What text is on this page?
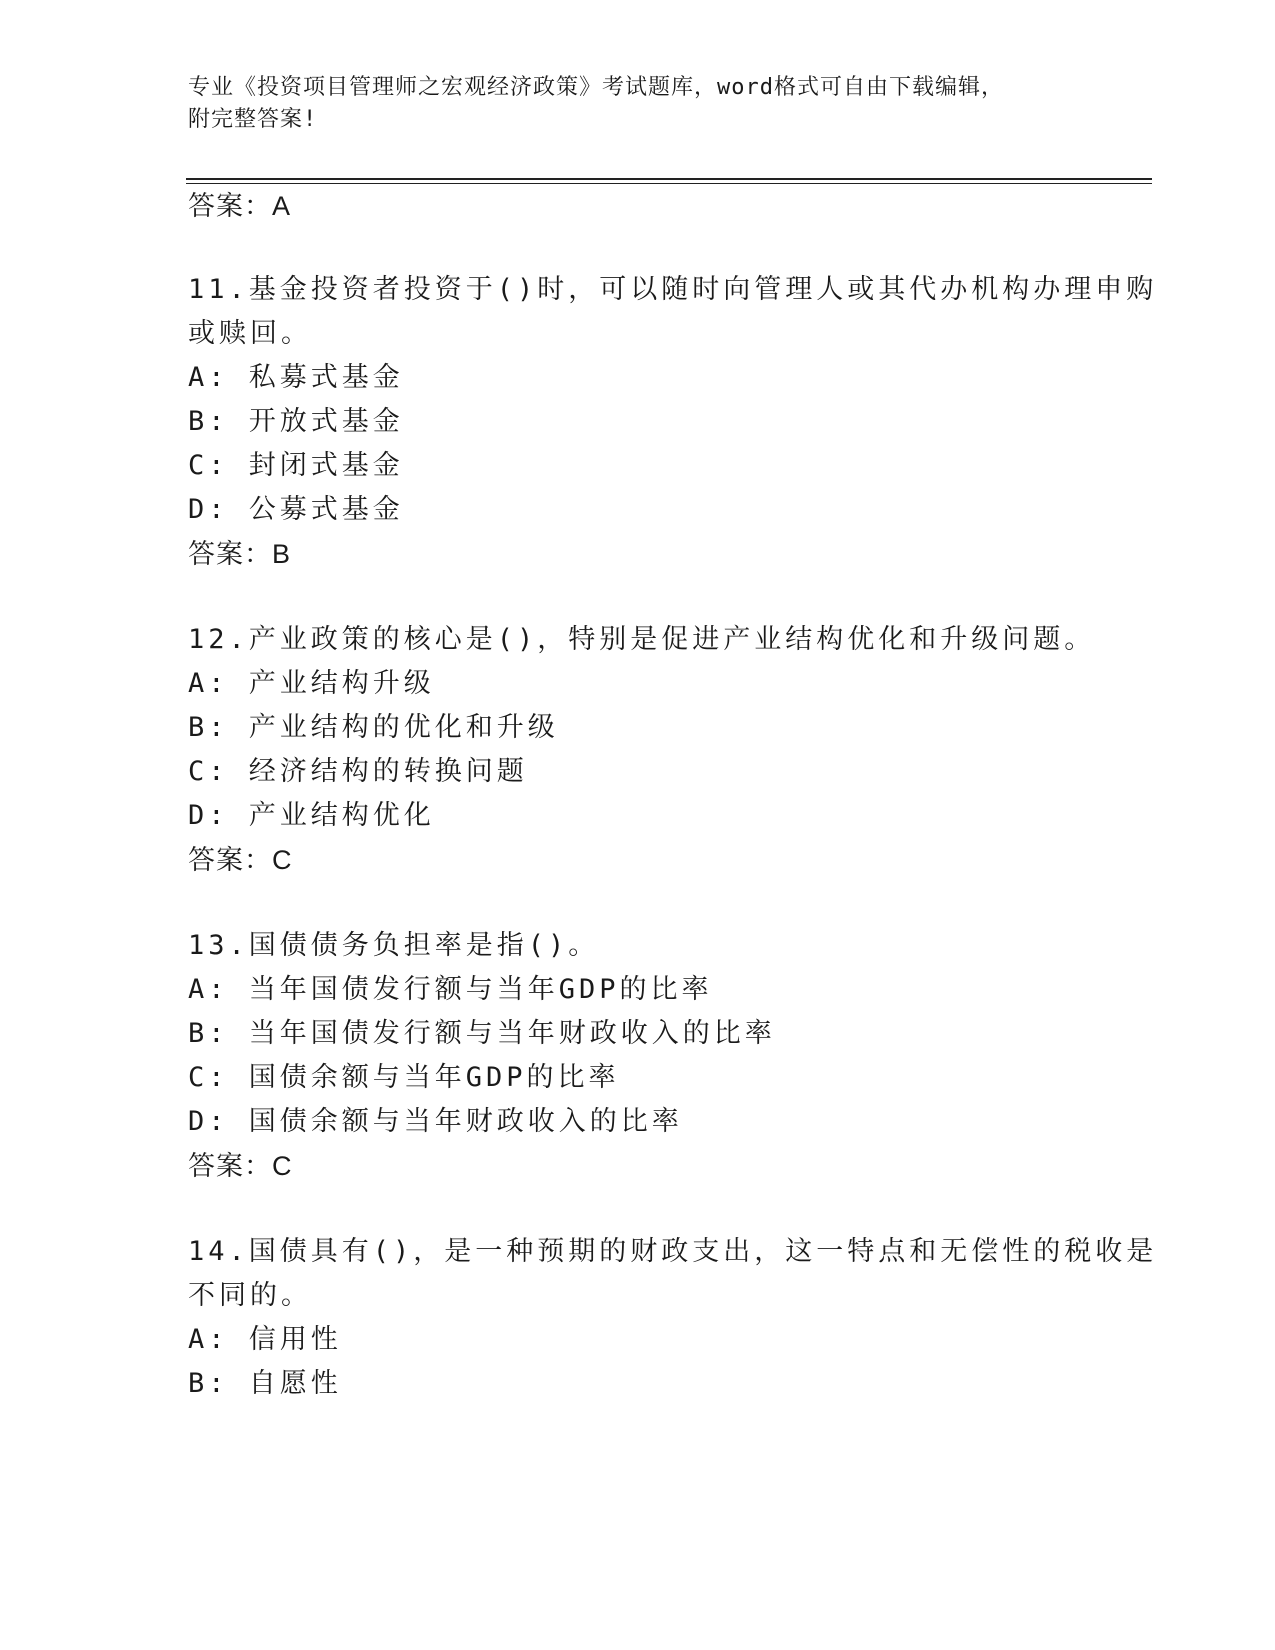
专业《投资项目管理师之宏观经济政策》考试题库，word格式可自由下载编辑，
附完整答案!
答案：A
11.基金投资者投资于()时，可以随时向管理人或其代办机构办理申购
或赎回。
A: 私募式基金
B: 开放式基金
C: 封闭式基金
D: 公募式基金
答案：B
12.产业政策的核心是()，特别是促进产业结构优化和升级问题。
A: 产业结构升级
B: 产业结构的优化和升级
C: 经济结构的转换问题
D: 产业结构优化
答案：C
13.国债债务负担率是指()。
A: 当年国债发行额与当年GDP的比率
B: 当年国债发行额与当年财政收入的比率
C: 国债余额与当年GDP的比率
D: 国债余额与当年财政收入的比率
答案：C
14.国债具有()，是一种预期的财政支出，这一特点和无偿性的税收是
不同的。
A: 信用性
B: 自愿性
